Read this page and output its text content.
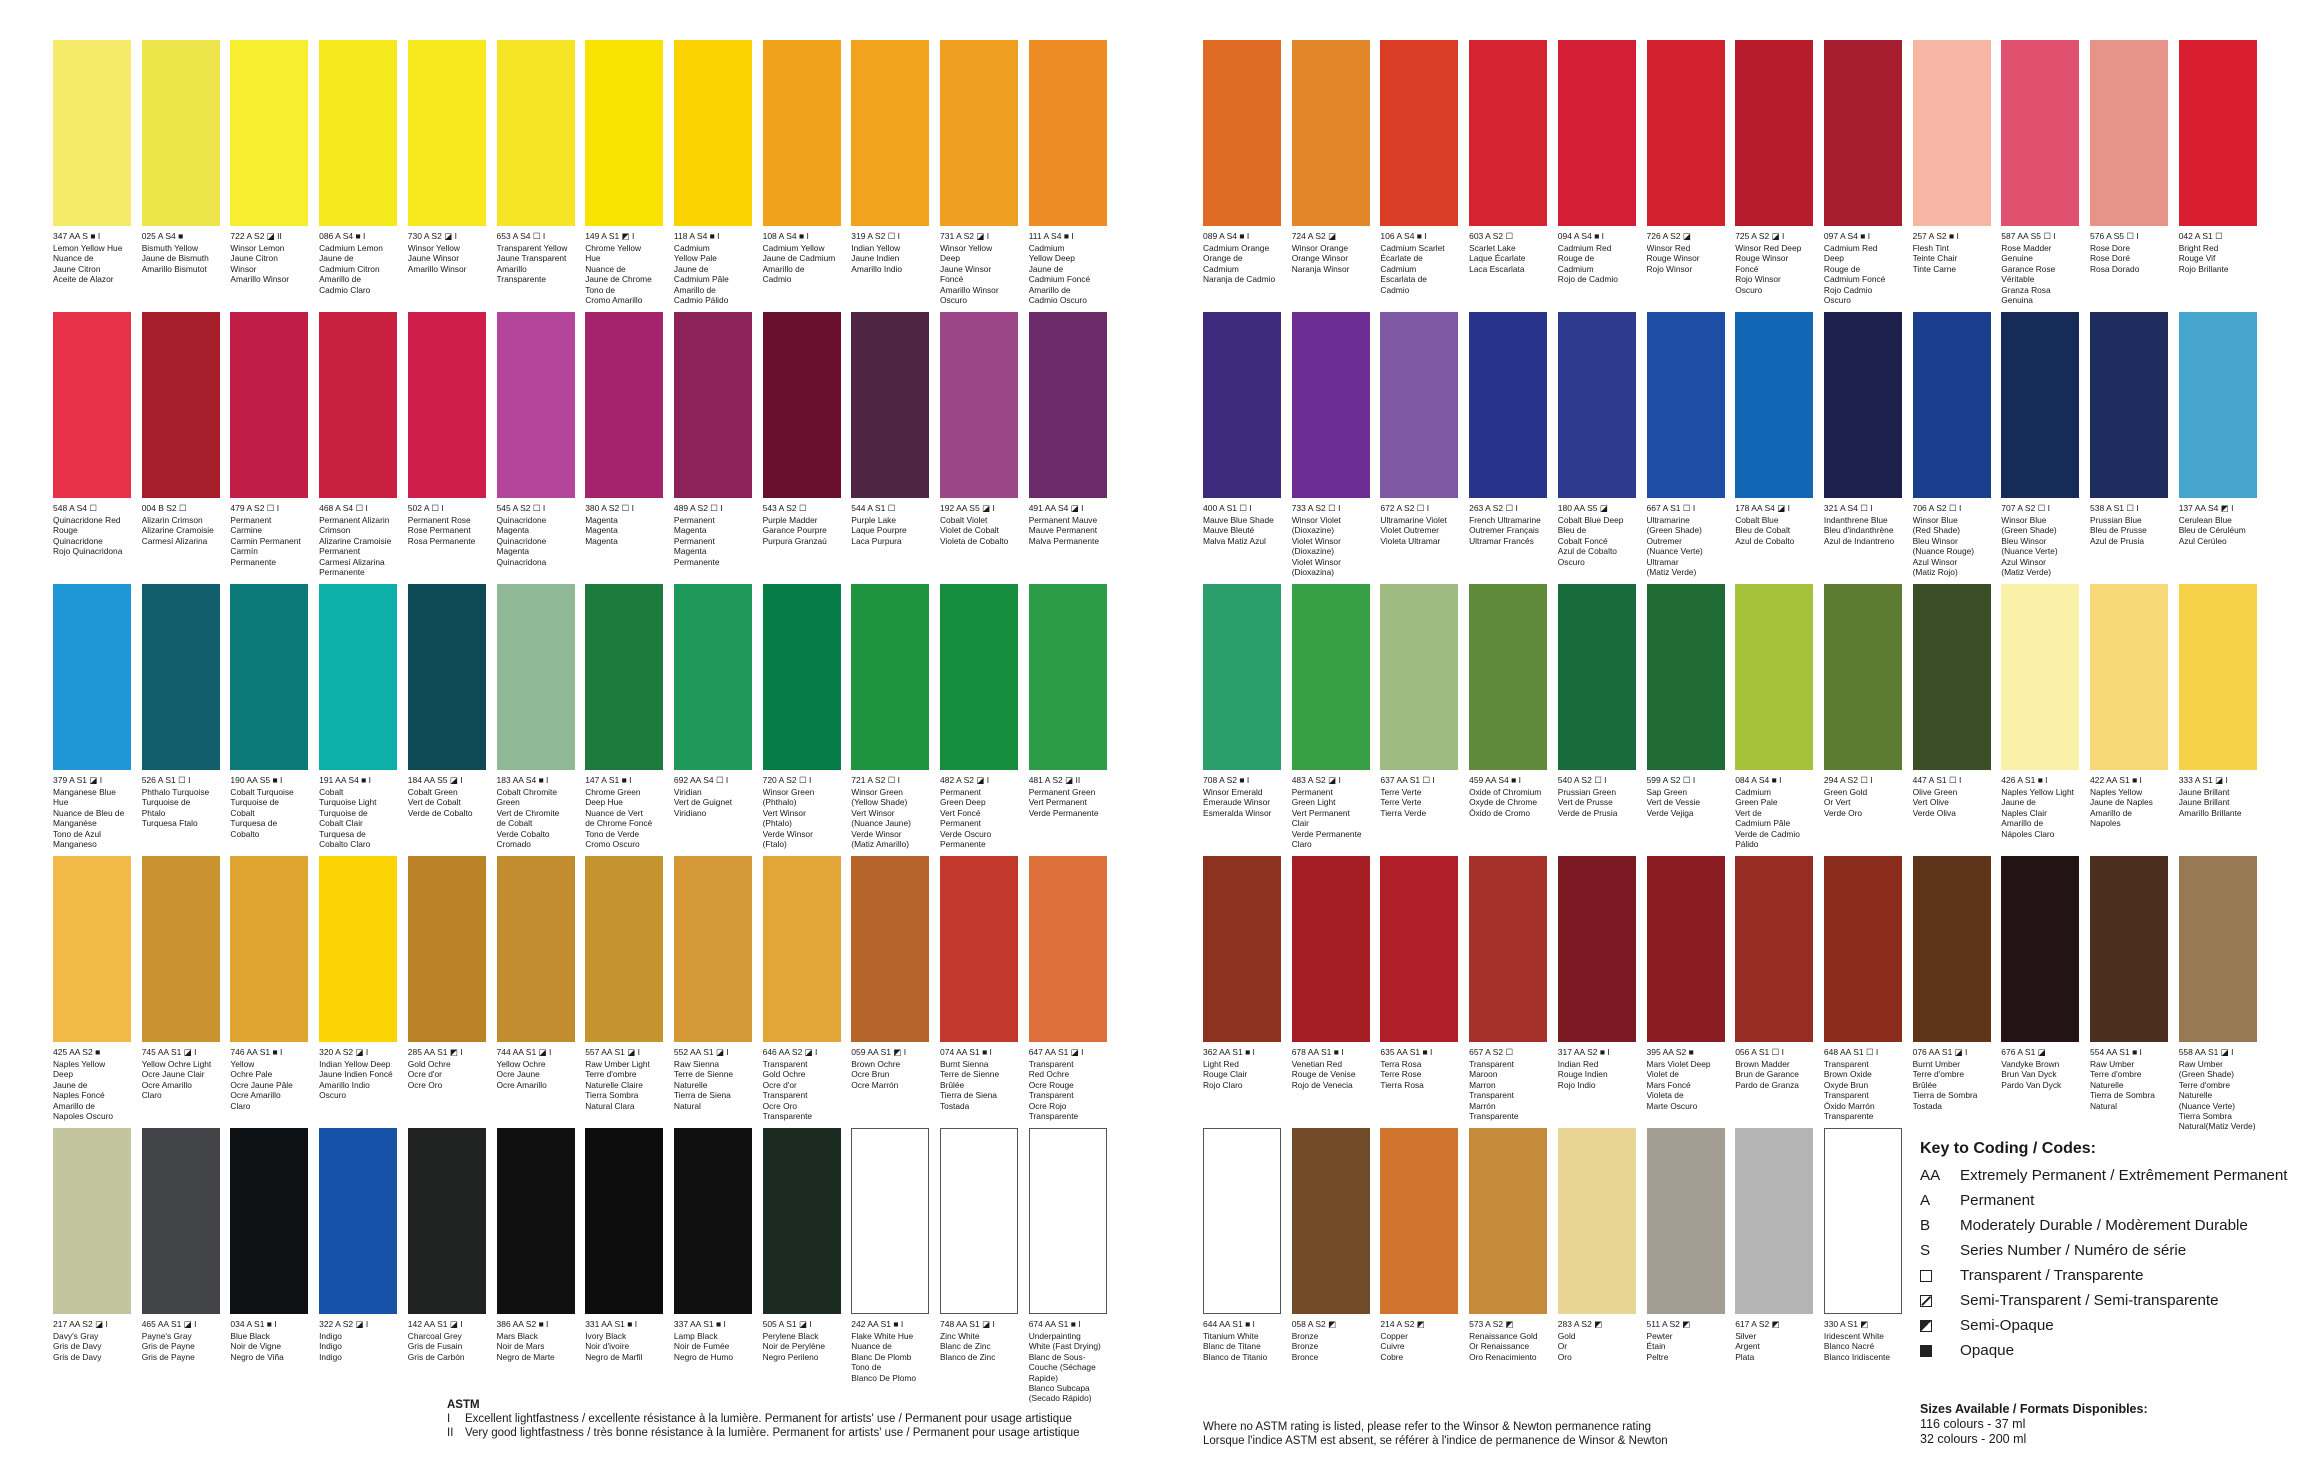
347 AA S ■ I
Lemon Yellow Hue
Nuance de
Jaune Citron
Aceite de Alazor
025 A S4 ■
Bismuth Yellow
Jaune de Bismuth
Amarillo Bismutot
722 A S2 ◪ II
Winsor Lemon
Jaune Citron
Winsor
Amarillo Winsor
086 A S4 ■ I
Cadmium Lemon
Jaune de
Cadmium Citron
Amarillo de
Cadmio Claro
730 A S2 ◪ I
Winsor Yellow
Jaune Winsor
Amarillo Winsor
653 A S4 ☐ I
Transparent Yellow
Jaune Transparent
Amarillo
Transparente
149 A S1 ◩ I
Chrome Yellow
Hue
Nuance de
Jaune de Chrome
Tono de
Cromo Amarillo
118 A S4 ■ I
Cadmium
Yellow Pale
Jaune de
Cadmium Pâle
Amarillo de
Cadmio Pálido
108 A S4 ■ I
Cadmium Yellow
Jaune de Cadmium
Amarillo de
Cadmio
319 A S2 ☐ I
Indian Yellow
Jaune Indien
Amarillo Indio
731 A S2 ◪ I
Winsor Yellow
Deep
Jaune Winsor
Foncé
Amarillo Winsor
Oscuro
111 A S4 ■ I
Cadmium
Yellow Deep
Jaune de
Cadmium Foncé
Amarillo de
Cadmio Oscuro
548 A S4 ☐
Quinacridone Red
Rouge
Quinacridone
Rojo Quinacridona
004 B S2 ☐
Alizarin Crimson
Alizarine Cramoisie
Carmesí Alizarina
479 A S2 ☐ I
Permanent
Carmine
Carmin Permanent
Carmín
Permanente
468 A S4 ☐ I
Permanent Alizarin
Crimson
Alizarine Cramoisie
Permanent
Carmesí Alizarina
Permanente
502 A ☐ I
Permanent Rose
Rose Permanent
Rosa Permanente
545 A S2 ☐ I
Quinacridone
Magenta
Quinacridone
Magenta
Quinacridona
380 A S2 ☐ I
Magenta
Magenta
Magenta
489 A S2 ☐ I
Permanent
Magenta
Permanent
Magenta
Permanente
543 A S2 ☐
Purple Madder
Garance Pourpre
Purpura Granzaú
544 A S1 ☐
Purple Lake
Laque Pourpre
Laca Purpura
192 AA S5 ◪ I
Cobalt Violet
Violet de Cobalt
Violeta de Cobalto
491 AA S4 ◪ I
Permanent Mauve
Mauve Permanent
Malva Permanente
379 A S1 ◪ I
Manganese Blue
Hue
Nuance de Bleu de
Manganèse
Tono de Azul
Manganeso
526 A S1 ☐ I
Phthalo Turquoise
Turquoise de
Phtalo
Turquesa Ftalo
190 AA S5 ■ I
Cobalt Turquoise
Turquoise de
Cobalt
Turquesa de
Cobalto
191 AA S4 ■ I
Cobalt
Turquoise Light
Turquoise de
Cobalt Clair
Turquesa de
Cobalto Claro
184 AA S5 ◪ I
Cobalt Green
Vert de Cobalt
Verde de Cobalto
183 AA S4 ■ I
Cobalt Chromite
Green
Vert de Chromite
de Cobalt
Verde Cobalto
Cromado
147 A S1 ■ I
Chrome Green
Deep Hue
Nuance de Vert
de Chrome Foncé
Tono de Verde
Cromo Oscuro
692 AA S4 ☐ I
Viridian
Vert de Guignet
Viridiano
720 A S2 ☐ I
Winsor Green
(Phthalo)
Vert Winsor
(Phtalo)
Verde Winsor
(Ftalo)
721 A S2 ☐ I
Winsor Green
(Yellow Shade)
Vert Winsor
(Nuance Jaune)
Verde Winsor
(Matiz Amarillo)
482 A S2 ◪ I
Permanent
Green Deep
Vert Foncé
Permanent
Verde Oscuro
Permanente
481 A S2 ◪ II
Permanent Green
Vert Permanent
Verde Permanente
425 AA S2 ■
Naples Yellow
Deep
Jaune de
Naples Foncé
Amarillo de
Napoles Oscuro
745 AA S1 ◪ I
Yellow Ochre Light
Ocre Jaune Clair
Ocre Amarillo
Claro
746 AA S1 ■ I
Yellow
Ochre Pale
Ocre Jaune Pâle
Ocre Amarillo
Claro
320 A S2 ◪ I
Indian Yellow Deep
Jaune Indien Foncé
Amarillo Indio
Oscuro
285 AA S1 ◩ I
Gold Ochre
Ocre d'or
Ocre Oro
744 AA S1 ◪ I
Yellow Ochre
Ocre Jaune
Ocre Amarillo
557 AA S1 ◪ I
Raw Umber Light
Terre d'ombre
Naturelle Claire
Tierra Sombra
Natural Clara
552 AA S1 ◪ I
Raw Sienna
Terre de Sienne
Naturelle
Tierra de Siena
Natural
646 AA S2 ◪ I
Transparent
Gold Ochre
Ocre d'or
Transparent
Ocre Oro
Transparente
059 AA S1 ◩ I
Brown Ochre
Ocre Brun
Ocre Marrón
074 AA S1 ■ I
Burnt Sienna
Terre de Sienne
Brûlée
Tierra de Siena
Tostada
647 AA S1 ◪ I
Transparent
Red Ochre
Ocre Rouge
Transparent
Ocre Rojo
Transparente
217 AA S2 ◪ I
Davy's Gray
Gris de Davy
Gris de Davy
465 AA S1 ◪ I
Payne's Gray
Gris de Payne
Gris de Payne
034 A S1 ■ I
Blue Black
Noir de Vigne
Negro de Viña
322 A S2 ◪ I
Indigo
Indigo
Indigo
142 AA S1 ◪ I
Charcoal Grey
Gris de Fusain
Gris de Carbón
386 AA S2 ■ I
Mars Black
Noir de Mars
Negro de Marte
331 AA S1 ■ I
Ivory Black
Noir d'ivoire
Negro de Marfil
337 AA S1 ■ I
Lamp Black
Noir de Fumée
Negro de Humo
505 A S1 ◪ I
Perylene Black
Noir de Perylène
Negro Perileno
242 AA S1 ■ I
Flake White Hue
Nuance de
Blanc De Plomb
Tono de
Blanco De Plomo
748 AA S1 ◪ I
Zinc White
Blanc de Zinc
Blanco de Zinc
674 AA S1 ■ I
Underpainting
White (Fast Drying)
Blanc de Sous-
Couche (Séchage
Rapide)
Blanco Subcapa
(Secado Rápido)
089 A S4 ■ I
Cadmium Orange
Orange de
Cadmium
Naranja de Cadmio
724 A S2 ◪
Winsor Orange
Orange Winsor
Naranja Winsor
106 A S4 ■ I
Cadmium Scarlet
Écarlate de
Cadmium
Escarlata de
Cadmio
603 A S2 ☐
Scarlet Lake
Laque Écarlate
Laca Escarlata
094 A S4 ■ I
Cadmium Red
Rouge de
Cadmium
Rojo de Cadmio
726 A S2 ◪
Winsor Red
Rouge Winsor
Rojo Winsor
725 A S2 ◪ I
Winsor Red Deep
Rouge Winsor
Foncé
Rojo Winsor
Oscuro
097 A S4 ■ I
Cadmium Red
Deep
Rouge de
Cadmium Foncé
Rojo Cadmio
Oscuro
257 A S2 ■ I
Flesh Tint
Teinte Chair
Tinte Carne
587 AA S5 ☐ I
Rose Madder
Genuine
Garance Rose
Véritable
Granza Rosa
Genuina
576 A S5 ☐ I
Rose Dore
Rose Doré
Rosa Dorado
042 A S1 ☐
Bright Red
Rouge Vif
Rojo Brillante
400 A S1 ☐ I
Mauve Blue Shade
Mauve Bleuté
Malva Matiz Azul
733 A S2 ☐ I
Winsor Violet
(Dioxazine)
Violet Winsor
(Dioxazine)
Violet Winsor
(Dioxazina)
672 A S2 ☐ I
Ultramarine Violet
Violet Outremer
Violeta Ultramar
263 A S2 ☐ I
French Ultramarine
Outremer Français
Ultramar Francés
180 AA S5 ◪
Cobalt Blue Deep
Bleu de
Cobalt Foncé
Azul de Cobalto
Oscuro
667 A S1 ☐ I
Ultramarine
(Green Shade)
Outremer
(Nuance Verte)
Ultramar
(Matiz Verde)
178 AA S4 ◪ I
Cobalt Blue
Bleu de Cobalt
Azul de Cobalto
321 A S4 ☐ I
Indanthrene Blue
Bleu d'indanthrène
Azul de Indantreno
706 A S2 ☐ I
Winsor Blue
(Red Shade)
Bleu Winsor
(Nuance Rouge)
Azul Winsor
(Matiz Rojo)
707 A S2 ☐ I
Winsor Blue
(Green Shade)
Bleu Winsor
(Nuance Verte)
Azul Winsor
(Matiz Verde)
538 A S1 ☐ I
Prussian Blue
Bleu de Prusse
Azul de Prusia
137 AA S4 ◩ I
Cerulean Blue
Bleu de Céruléum
Azul Cerúleo
708 A S2 ■ I
Winsor Emerald
Émeraude Winsor
Esmeralda Winsor
483 A S2 ◪ I
Permanent
Green Light
Vert Permanent
Clair
Verde Permanente
Claro
637 AA S1 ☐ I
Terre Verte
Terre Verte
Tierra Verde
459 AA S4 ■ I
Oxide of Chromium
Oxyde de Chrome
Óxido de Cromo
540 A S2 ☐ I
Prussian Green
Vert de Prusse
Verde de Prusia
599 A S2 ☐ I
Sap Green
Vert de Vessie
Verde Vejiga
084 A S4 ■ I
Cadmium
Green Pale
Vert de
Cadmium Pâle
Verde de Cadmio
Pálido
294 A S2 ☐ I
Green Gold
Or Vert
Verde Oro
447 A S1 ☐ I
Olive Green
Vert Olive
Verde Oliva
426 A S1 ■ I
Naples Yellow Light
Jaune de
Naples Clair
Amarillo de
Nápoles Claro
422 AA S1 ■ I
Naples Yellow
Jaune de Naples
Amarillo de
Napoles
333 A S1 ◪ I
Jaune Brillant
Jaune Brillant
Amarillo Brillante
362 AA S1 ■ I
Light Red
Rouge Clair
Rojo Claro
678 AA S1 ■ I
Venetian Red
Rouge de Venise
Rojo de Venecia
635 AA S1 ■ I
Terra Rosa
Terre Rose
Tierra Rosa
657 A S2 ☐
Transparent
Maroon
Marron
Transparent
Marrón
Transparente
317 AA S2 ■ I
Indian Red
Rouge Indien
Rojo Indio
395 AA S2 ■
Mars Violet Deep
Violet de
Mars Foncé
Violeta de
Marte Oscuro
056 A S1 ☐ I
Brown Madder
Brun de Garance
Pardo de Granza
648 AA S1 ☐ I
Transparent
Brown Oxide
Oxyde Brun
Transparent
Óxido Marrón
Transparente
076 AA S1 ◪ I
Burnt Umber
Terre d'ombre
Brûlée
Tierra de Sombra
Tostada
676 A S1 ◪
Vandyke Brown
Brun Van Dyck
Pardo Van Dyck
554 AA S1 ■ I
Raw Umber
Terre d'ombre
Naturelle
Tierra de Sombra
Natural
558 AA S1 ◪ I
Raw Umber
(Green Shade)
Terre d'ombre
Naturelle
(Nuance Verte)
Tierra Sombra
Natural(Matiz Verde)
644 AA S1 ■ I
Titanium White
Blanc de Titane
Blanco de Titanio
058 A S2 ◩
Bronze
Bronze
Bronce
214 A S2 ◩
Copper
Cuivre
Cobre
573 A S2 ◩
Renaissance Gold
Or Renaissance
Oro Renacimiento
283 A S2 ◩
Gold
Or
Oro
511 A S2 ◩
Pewter
Étain
Peltre
617 A S2 ◩
Silver
Argent
Plata
330 A S1 ◩
Iridescent White
Blanco Nacré
Blanco Iridiscente
ASTM
I Excellent lightfastness / excellente résistance à la lumière. Permanent for artists' use / Permanent pour usage artistique
II Very good lightfastness / très bonne résistance à la lumière. Permanent for artists' use / Permanent pour usage artistique	Where no ASTM rating is listed, please refer to the Winsor & Newton permanence rating
Lorsque l'indice ASTM est absent, se référer à l'indice de permanence de Winsor & Newton
Key to Coding / Codes:
AA	Extremely Permanent / Extrêmement Permanent
A	Permanent
B	Moderately Durable / Modèrement Durable
S	Series Number / Numéro de série
Transparent / Transparente
Semi-Transparent / Semi-transparente
Semi-Opaque
Opaque
Sizes Available / Formats Disponibles:
116 colours - 37 ml
32 colours - 200 ml
